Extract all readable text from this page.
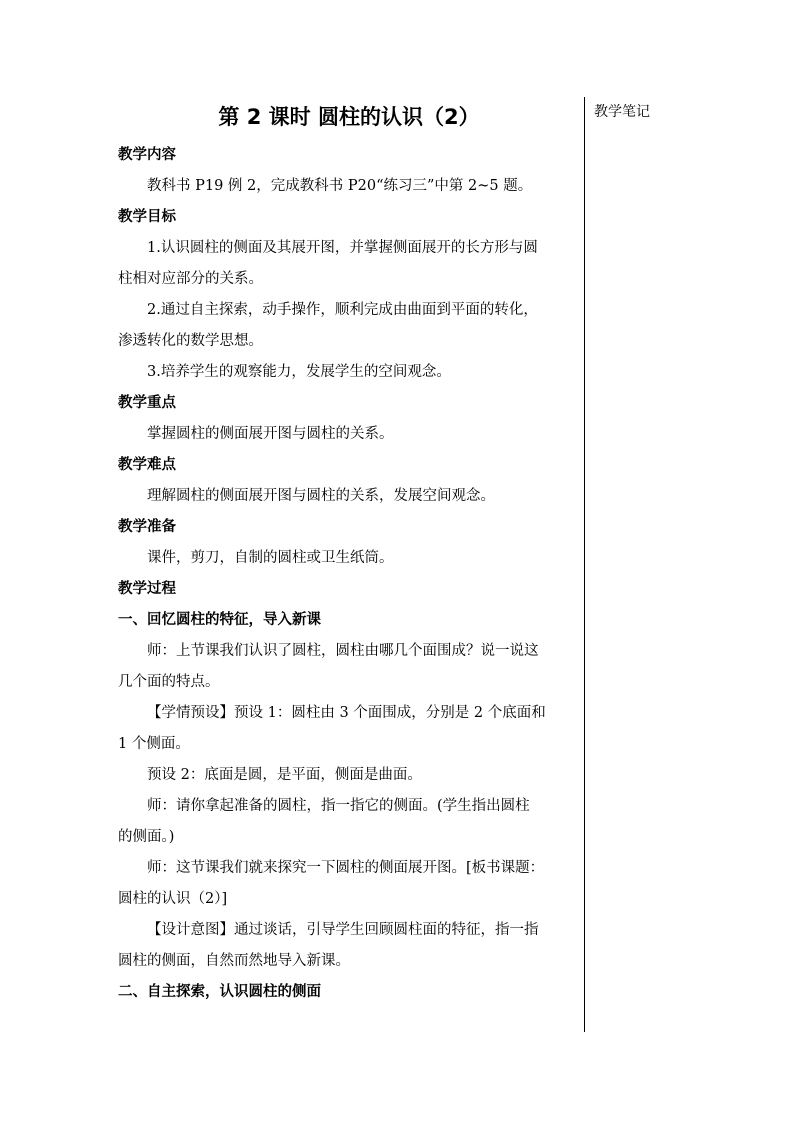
第 2 课时 圆柱的认识（2）

教学内容

教科书 P19 例 2，完成教科书 P20“练习三”中第 2~5 题。

教学目标

1.认识圆柱的侧面及其展开图，并掌握侧面展开的长方形与圆

柱相对应部分的关系。

2.通过自主探索，动手操作，顺利完成由曲面到平面的转化，

渗透转化的数学思想。

3.培养学生的观察能力，发展学生的空间观念。

教学重点

掌握圆柱的侧面展开图与圆柱的关系。

教学难点

理解圆柱的侧面展开图与圆柱的关系，发展空间观念。

教学准备

课件，剪刀，自制的圆柱或卫生纸筒。

教学过程

一、回忆圆柱的特征，导入新课

师：上节课我们认识了圆柱，圆柱由哪几个面围成？说一说这

几个面的特点。

【学情预设】预设 1：圆柱由 3 个面围成，分别是 2 个底面和

1 个侧面。

预设 2：底面是圆，是平面，侧面是曲面。

师：请你拿起准备的圆柱，指一指它的侧面。(学生指出圆柱

的侧面。)

师：这节课我们就来探究一下圆柱的侧面展开图。[板书课题：

圆柱的认识（2）]

【设计意图】通过谈话，引导学生回顾圆柱面的特征，指一指

圆柱的侧面，自然而然地导入新课。

二、自主探索，认识圆柱的侧面

教学笔记
